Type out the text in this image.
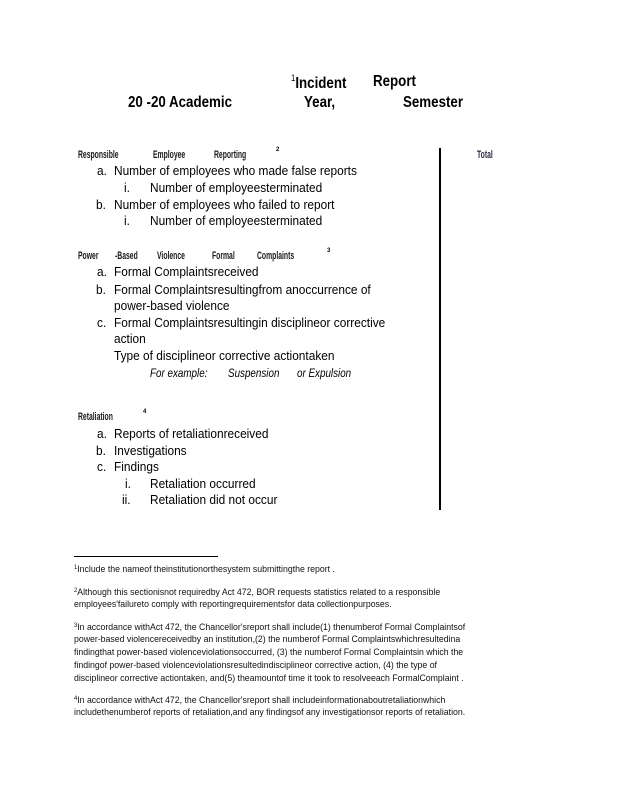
$^1$Incident Report
20 -20 Academic	Year,	Semester
Total
Responsible	Employee	Reporting	2
a. Number of employees who made false reports
i. Number of employeesterminated
b. Number of employees who failed to report
i. Number of employeesterminated
Power -Based Violence Formal Complaints	3
a. Formal Complaintsreceived
b. Formal Complaintsresultingfrom anoccurrence of
power-based violence
c. Formal Complaintsresultingin disciplineor corrective
action
Type of disciplineor corrective actiontaken
For example: Suspension or Expulsion
Retaliation	4
a. Reports of retaliationreceived
b. Investigations
c. Findings
i. Retaliation occurred
ii. Retaliation did not occur
$^1$Include the nameof theinstitutionorthesystem submittingthe report .
$^2$Although this sectionisnot requiredby Act 472, BOR requests statistics related to a responsible
employees'failureto comply with reportingrequirementsfor data collectionpurposes.
$^3$In accordance withAct 472, the Chancellor'sreport shall include(1) thenumberof Formal Complaintsof
power-based violencereceivedby an institution,(2) the numberof Formal Complaintswhichresultedina
findingthat power-based violenceviolationsoccurred, (3) the numberof Formal Complaintsin which the
findingof power-based violenceviolationsresultedindisciplineor corrective action, (4) the type of
disciplineor corrective actiontaken, and(5) theamountof time it took to resolveeach FormalComplaint .
$^4$In accordance withAct 472, the Chancellor'sreport shall includeinformationaboutretaliationwhich
includethenumberof reports of retaliation,and any findingsof any investigationsor reports of retaliation.
